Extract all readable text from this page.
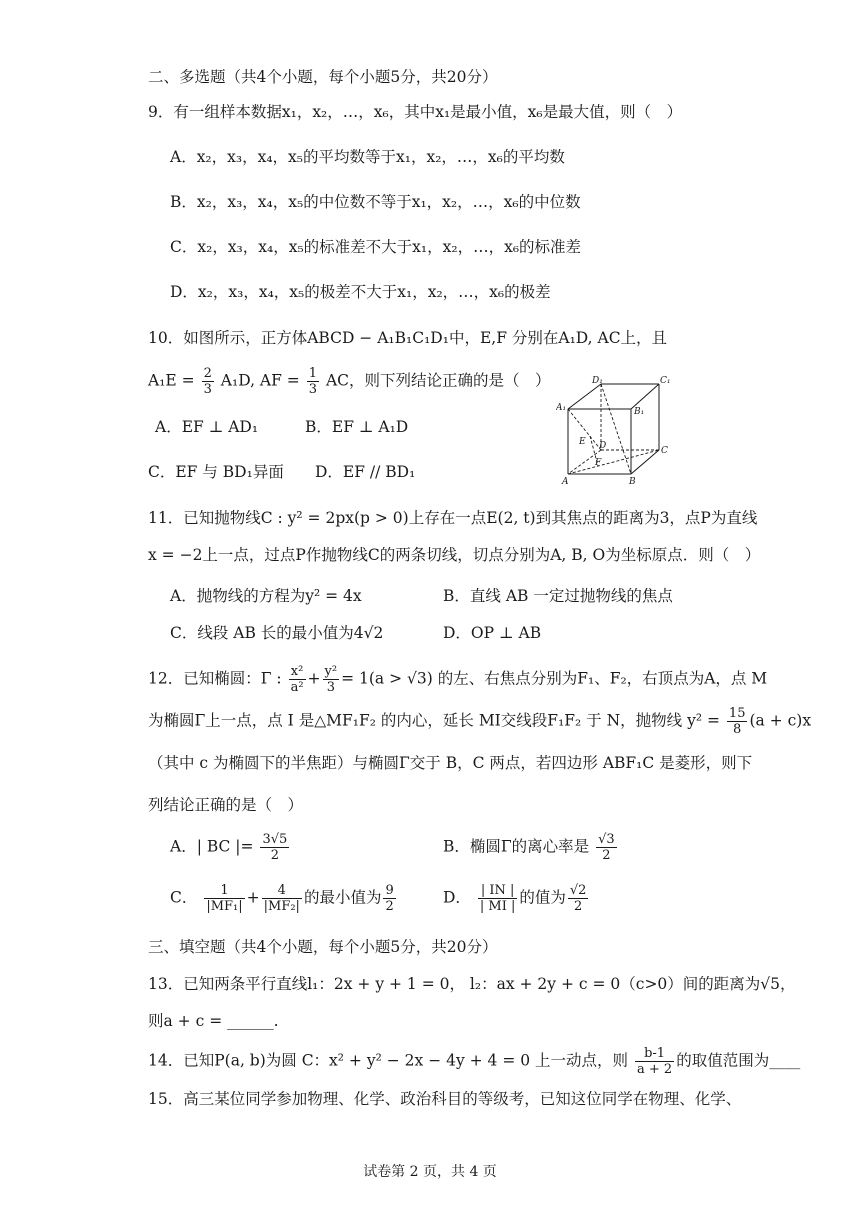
二、多选题（共4个小题，每个小题5分，共20分）
9．有一组样本数据x₁，x₂，…，x₆，其中x₁是最小值，x₆是最大值，则（　）
A．x₂，x₃，x₄，x₅的平均数等于x₁，x₂，…，x₆的平均数
B．x₂，x₃，x₄，x₅的中位数不等于x₁，x₂，…，x₆的中位数
C．x₂，x₃，x₄，x₅的标准差不大于x₁，x₂，…，x₆的标准差
D．x₂，x₃，x₄，x₅的极差不大于x₁，x₂，…，x₆的极差
10．如图所示，正方体ABCD − A₁B₁C₁D₁中，E,F 分别在A₁D, AC上，且
$A_1E = \frac{2}{3} A_1D$, AF = $\frac{1}{3}$ AC，则下列结论正确的是（　）
A．EF ⊥ AD₁	B．EF ⊥ A₁D
C．EF 与 BD₁异面 D．EF // BD₁
D₁	C₁
A₁	B₁
E D
F
C
A	B
11．已知抛物线C : y² = 2px(p > 0)上存在一点E(2, t)到其焦点的距离为3，点P为直线
x = −2上一点，过点P作抛物线C的两条切线，切点分别为A, B, O为坐标原点．则（　）
A．抛物线的方程为y² = 4x	B．直线 AB 一定过抛物线的焦点
C．线段 AB 长的最小值为4√2	D．OP ⊥ AB
12．已知椭圆：Γ : $\frac{\text{x²}}{\text{a²}} + \frac{\text{y²}}{3} = 1(a > √3)$ 的左、右焦点分别为F₁、F₂，右顶点为A，点 M
为椭圆Γ上一点，点 I 是△MF₁F₂ 的内心，延长 MI交线段F₁F₂ 于 N，抛物线 $y^2 = \frac{15}{8} (a + c)x$
（其中 c 为椭圆下的半焦距）与椭圆Γ交于 B，C 两点，若四边形 ABF₁C 是菱形，则下
列结论正确的是（　）
A．| BC |= $\frac{3√5}{2}$	B．椭圆Γ的离心率是 $\frac{√3}{2}$
C． $\frac{1}{\text{|MF₁|}} + \frac{4}{\text{|MF₂|}}$ 的最小值为 $\frac{9}{2}$	D． $\frac{| IN |}{| MI |}$ 的值为 $\frac{√2}{2}$
三、填空题（共4个小题，每个小题5分，共20分）
13．已知两条平行直线l₁：2x + y + 1 = 0， l₂：ax + 2y + c = 0（c>0）间的距离为√5，
则a + c = ______.
14．已知P(a, b)为圆 C：x² + y² − 2x − 4y + 4 = 0 上一动点，则 $\frac{b-1}{a + 2}$ 的取值范围为____
15．高三某位同学参加物理、化学、政治科目的等级考，已知这位同学在物理、化学、
试卷第 2 页，共 4 页
